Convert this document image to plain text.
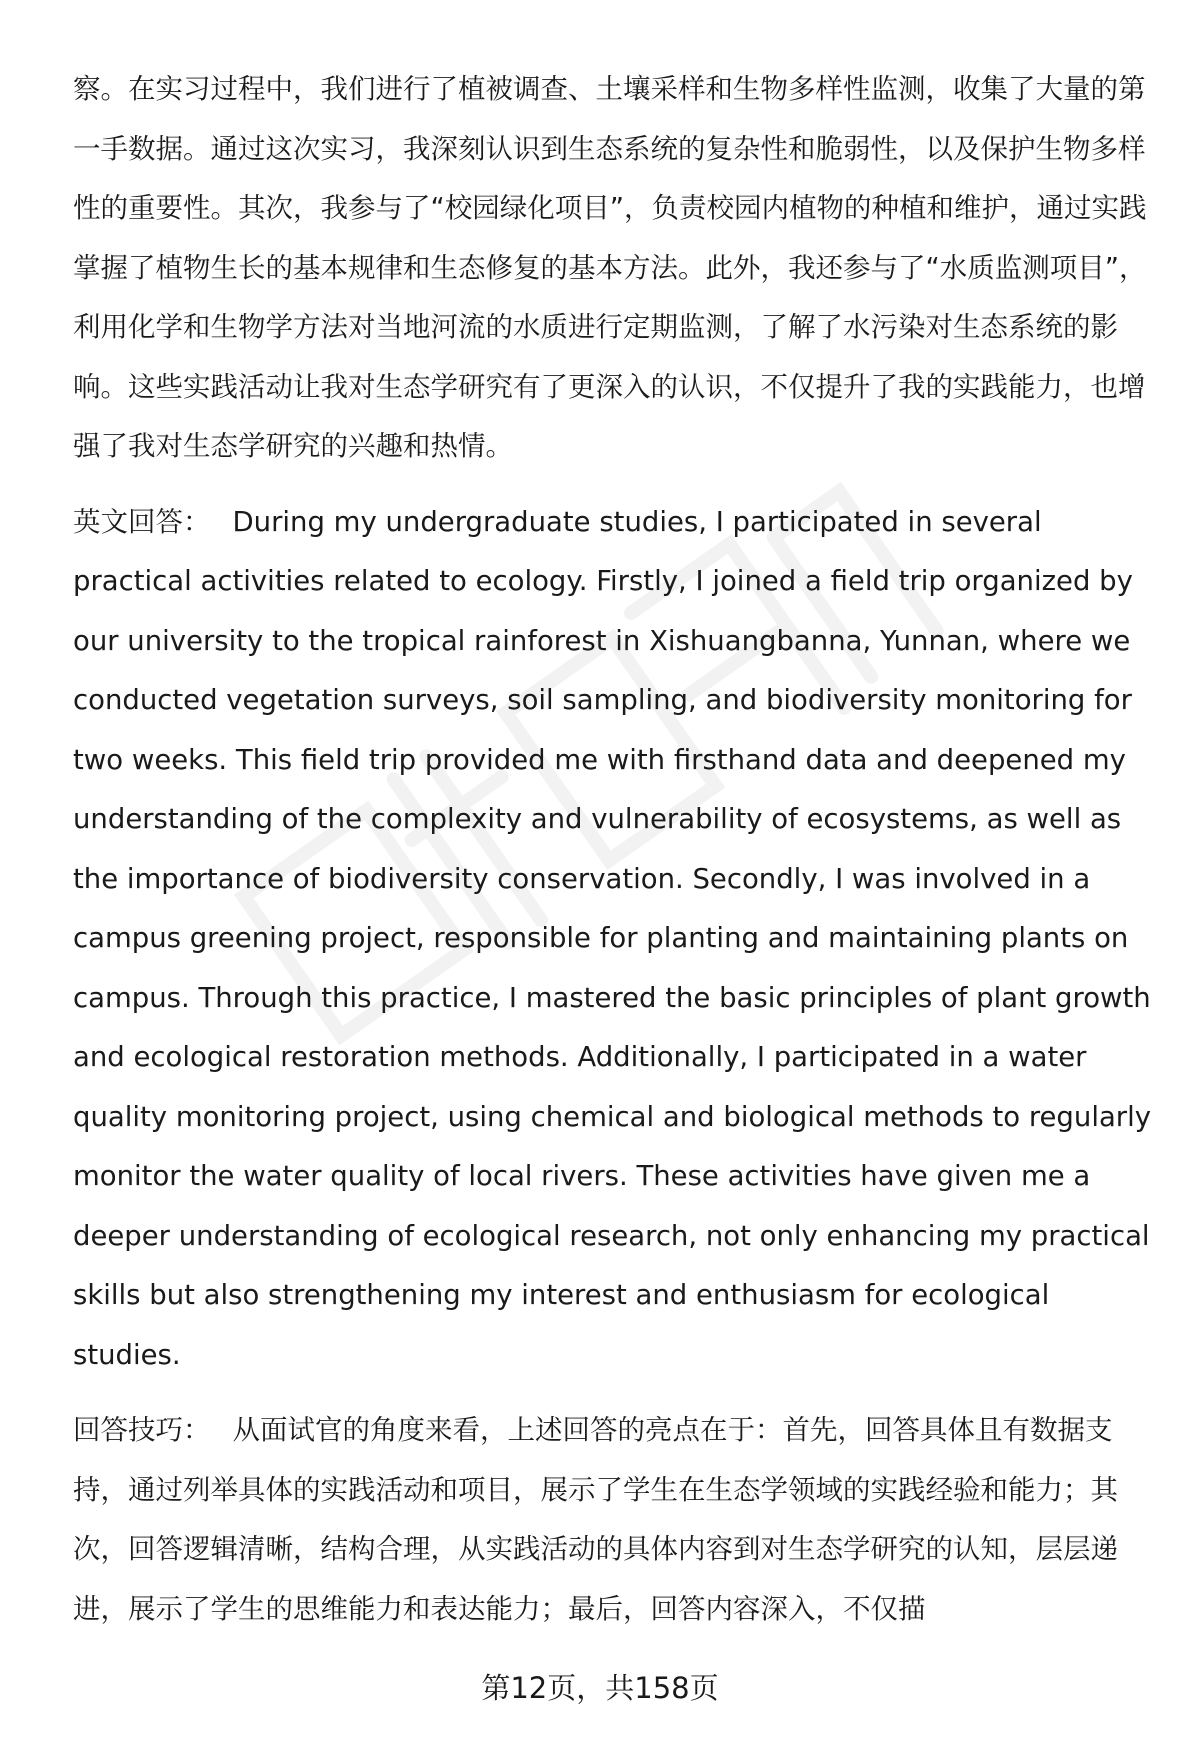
察。在实习过程中，我们进行了植被调查、土壤采样和生物多样性监测，收集了大量的第一手数据。通过这次实习，我深刻认识到生态系统的复杂性和脆弱性，以及保护生物多样性的重要性。其次，我参与了“校园绿化项目”，负责校园内植物的种植和维护，通过实践掌握了植物生长的基本规律和生态修复的基本方法。此外，我还参与了“水质监测项目”，利用化学和生物学方法对当地河流的水质进行定期监测，了解了水污染对生态系统的影响。这些实践活动让我对生态学研究有了更深入的认识，不仅提升了我的实践能力，也增强了我对生态学研究的兴趣和热情。

英文回答： During my undergraduate studies, I participated in several practical activities related to ecology. Firstly, I joined a field trip organized by our university to the tropical rainforest in Xishuangbanna, Yunnan, where we conducted vegetation surveys, soil sampling, and biodiversity monitoring for two weeks. This field trip provided me with firsthand data and deepened my understanding of the complexity and vulnerability of ecosystems, as well as the importance of biodiversity conservation. Secondly, I was involved in a campus greening project, responsible for planting and maintaining plants on campus. Through this practice, I mastered the basic principles of plant growth and ecological restoration methods. Additionally, I participated in a water quality monitoring project, using chemical and biological methods to regularly monitor the water quality of local rivers. These activities have given me a deeper understanding of ecological research, not only enhancing my practical skills but also strengthening my interest and enthusiasm for ecological studies.

回答技巧： 从面试官的角度来看，上述回答的亮点在于：首先，回答具体且有数据支持，通过列举具体的实践活动和项目，展示了学生在生态学领域的实践经验和能力；其次，回答逻辑清晰，结构合理，从实践活动的具体内容到对生态学研究的认知，层层递进，展示了学生的思维能力和表达能力；最后，回答内容深入，不仅描

第12页，共158页
